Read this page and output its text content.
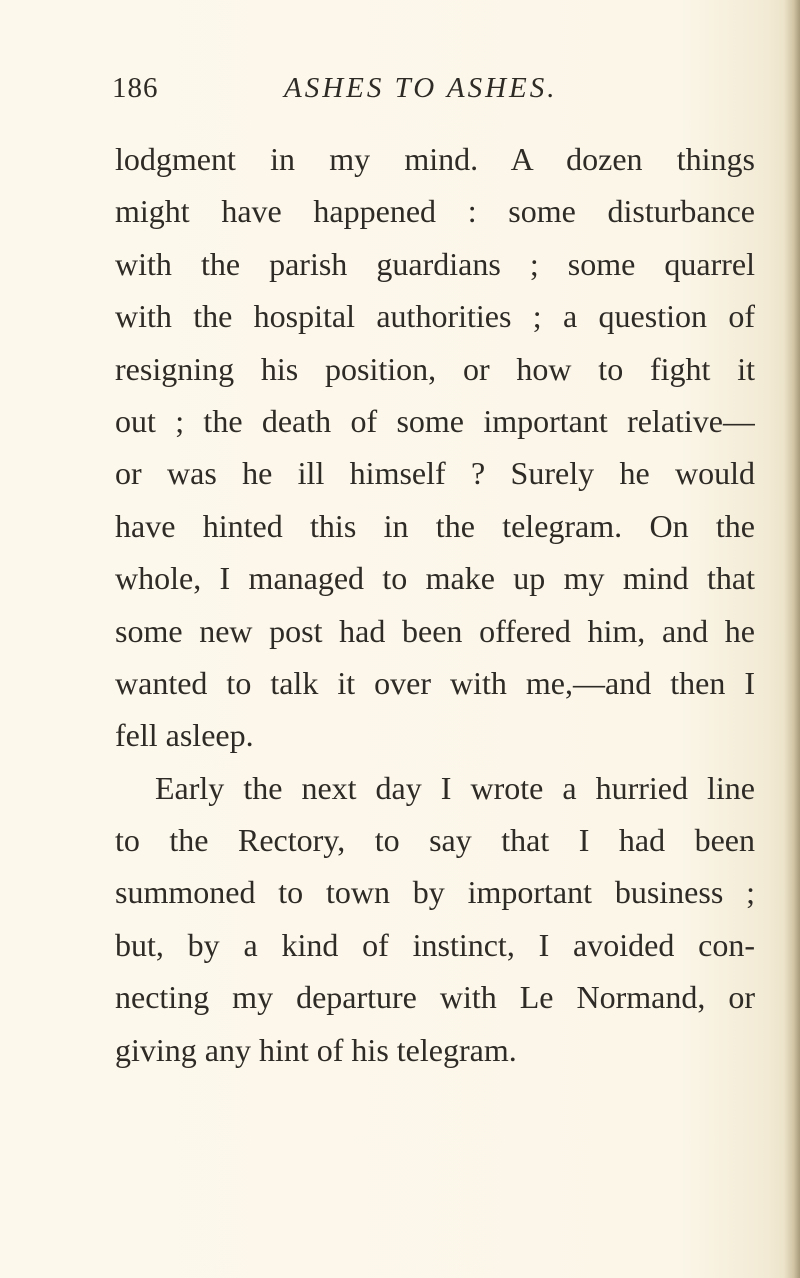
186	ASHES TO ASHES.
lodgment in my mind. A dozen things
might have happened : some disturbance
with the parish guardians ; some quarrel
with the hospital authorities ; a question of
resigning his position, or how to fight it
out ; the death of some important relative—
or was he ill himself ? Surely he would
have hinted this in the telegram. On the
whole, I managed to make up my mind that
some new post had been offered him, and he
wanted to talk it over with me,—and then I
fell asleep.
Early the next day I wrote a hurried line
to the Rectory, to say that I had been
summoned to town by important business ;
but, by a kind of instinct, I avoided con-
necting my departure with Le Normand, or
giving any hint of his telegram.
